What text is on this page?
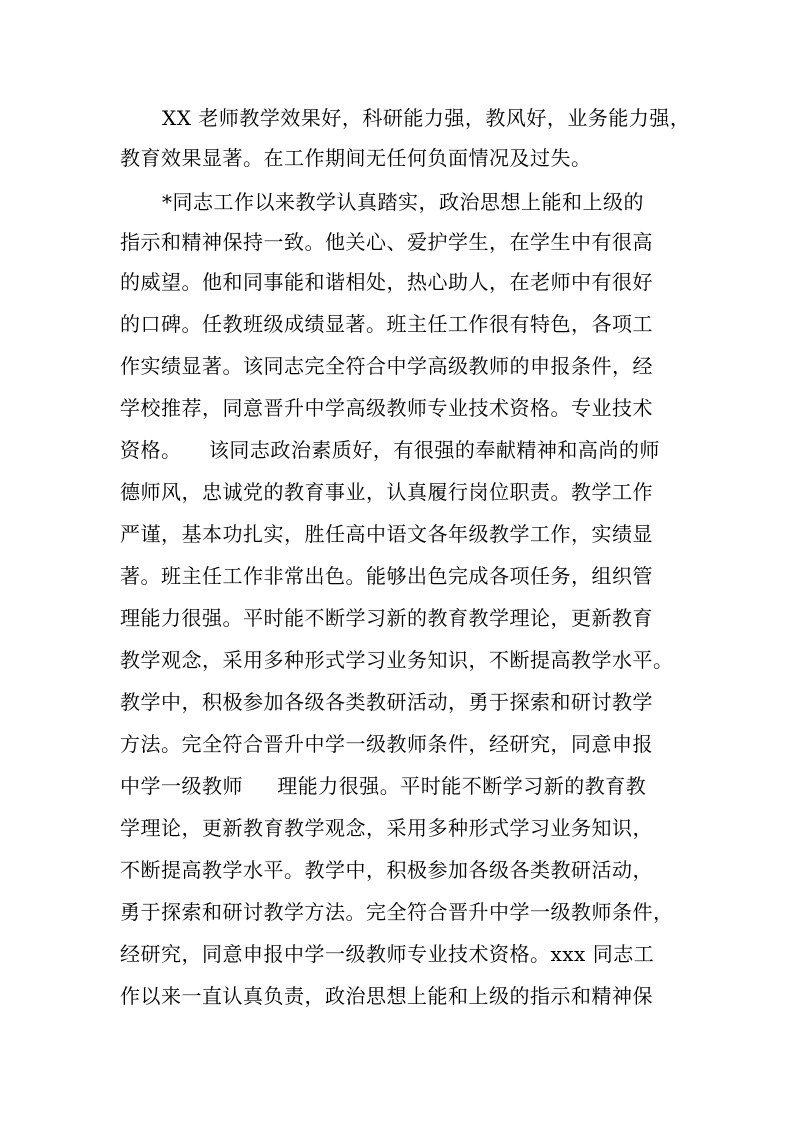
XX 老师教学效果好，科研能力强，教风好，业务能力强，
教育效果显著。在工作期间无任何负面情况及过失。
*同志工作以来教学认真踏实，政治思想上能和上级的
指示和精神保持一致。他关心、爱护学生，在学生中有很高
的威望。他和同事能和谐相处，热心助人，在老师中有很好
的口碑。任教班级成绩显著。班主任工作很有特色，各项工
作实绩显著。该同志完全符合中学高级教师的申报条件，经
学校推荐，同意晋升中学高级教师专业技术资格。专业技术
资格。    该同志政治素质好，有很强的奉献精神和高尚的师
德师风，忠诚党的教育事业，认真履行岗位职责。教学工作
严谨，基本功扎实，胜任高中语文各年级教学工作，实绩显
著。班主任工作非常出色。能够出色完成各项任务，组织管
理能力很强。平时能不断学习新的教育教学理论，更新教育
教学观念，采用多种形式学习业务知识，不断提高教学水平。
教学中，积极参加各级各类教研活动，勇于探索和研讨教学
方法。完全符合晋升中学一级教师条件，经研究，同意申报
中学一级教师     理能力很强。平时能不断学习新的教育教
学理论，更新教育教学观念，采用多种形式学习业务知识，
不断提高教学水平。教学中，积极参加各级各类教研活动，
勇于探索和研讨教学方法。完全符合晋升中学一级教师条件，
经研究，同意申报中学一级教师专业技术资格。xxx 同志工
作以来一直认真负责，政治思想上能和上级的指示和精神保
